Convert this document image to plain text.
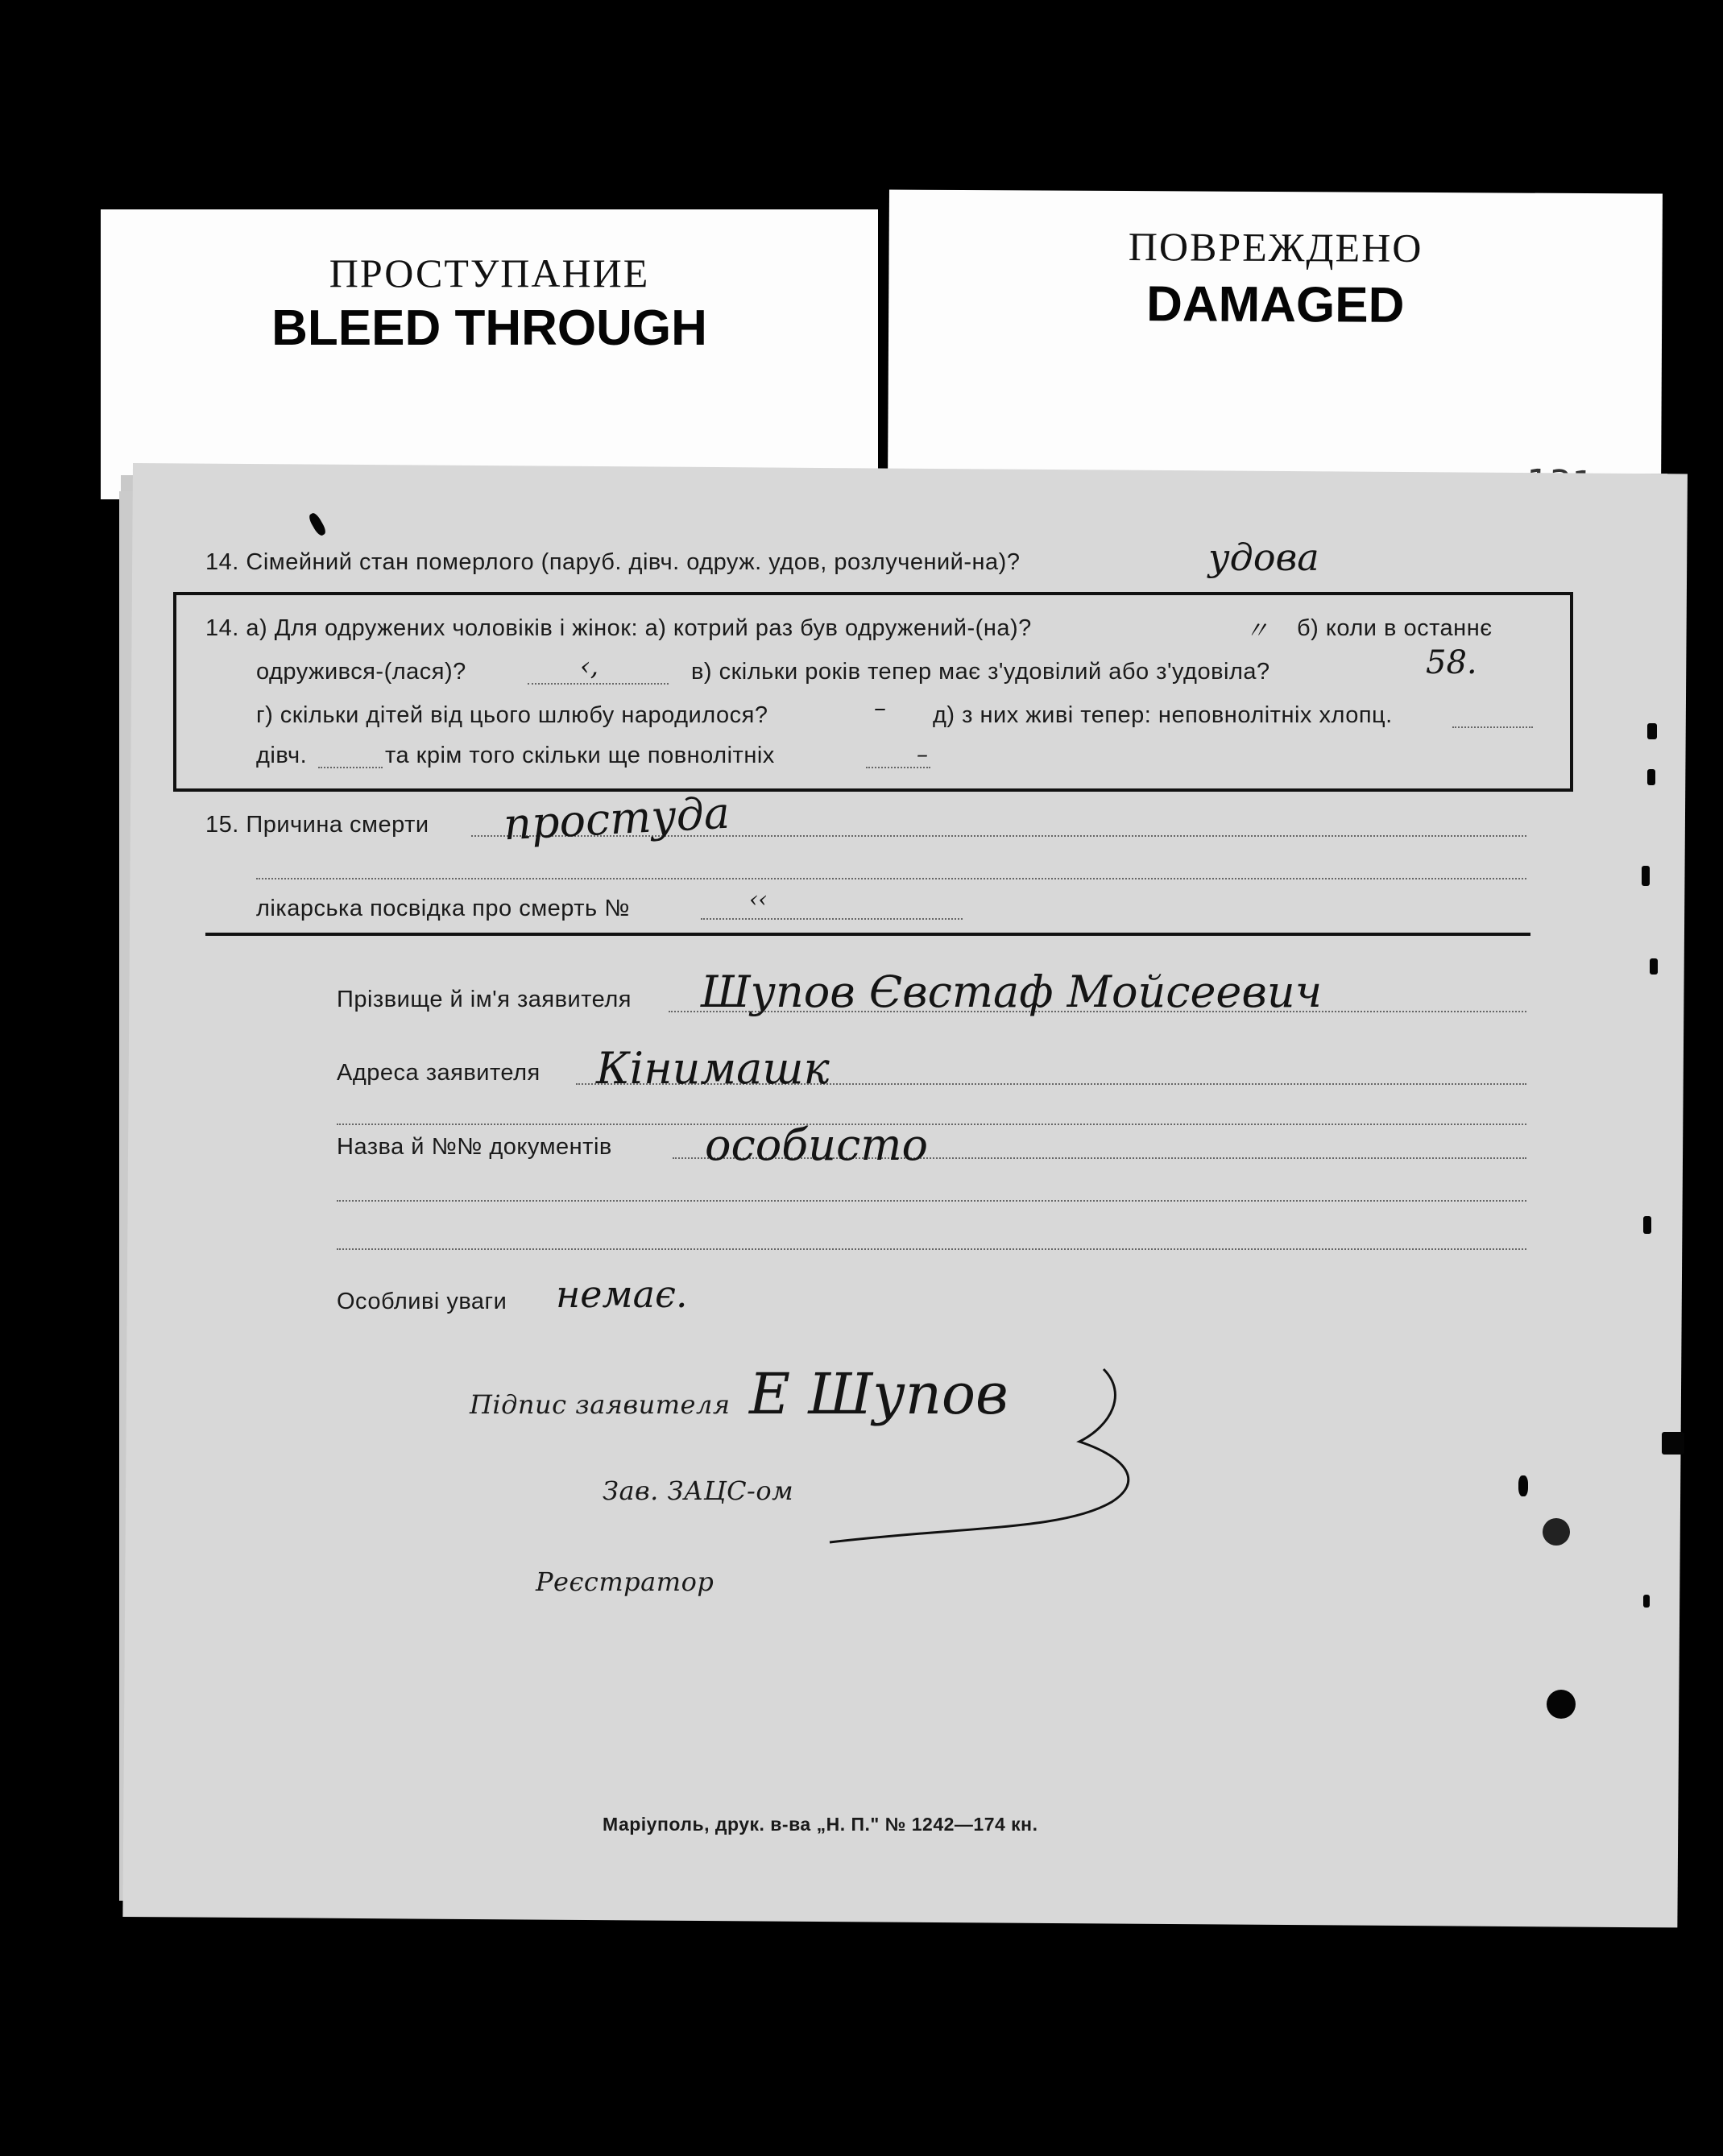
ПРОСТУПАНИЕ
BLEED THROUGH
ПОВРЕЖДЕНО
DAMAGED
14. Сімейний стан померлого (паруб. дівч. одруж. удов, розлучений-на)?	удова
14. а) Для одружених чоловіків і жінок: а) котрий раз був одружений-(на)?	〃 б) коли в останнє
одружився-(лася)?	‹,	в) скільки років тепер має з'удовілий або з'удовіла?	58.
г) скільки дітей від цього шлюбу народилося?	– д) з них живі тепер: неповнолітніх хлопц.
дівч.	та крім того скільки ще повнолітніх	–
15. Причина смерти простуда
лікарська посвідка про смерть №	‹‹
Прізвище й ім'я заявителя Шупов Євстаф Мойсеевич
Адреса заявителя Кінимашк
Назва й №№ документів особисто
Особливі уваги немає.
Підпис заявителя Е Шупов
Зав. ЗАЦС-ом
Реєстратор
Маріуполь, друк. в-ва „Н. П." № 1242—174 кн.
